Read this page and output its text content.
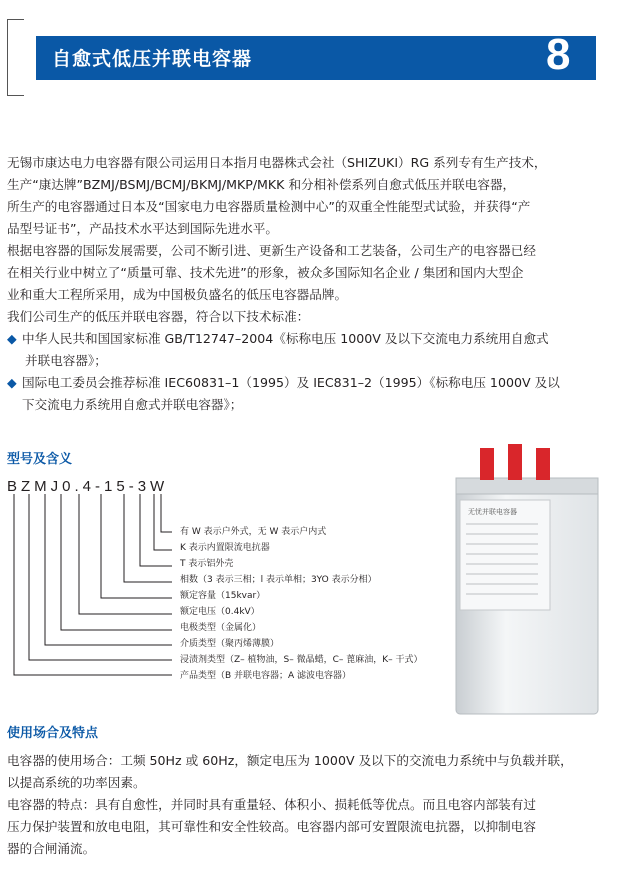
自愈式低压并联电容器	8

无锡市康达电力电容器有限公司运用日本指月电器株式会社（SHIZUKI）RG 系列专有生产技术，

生产“康达牌”BZMJ/BSMJ/BCMJ/BKMJ/MKP/MKK 和分相补偿系列自愈式低压并联电容器，

所生产的电容器通过日本及“国家电力电容器质量检测中心”的双重全性能型式试验，并获得“产

品型号证书”，产品技术水平达到国际先进水平。

根据电容器的国际发展需要，公司不断引进、更新生产设备和工艺装备，公司生产的电容器已经

在相关行业中树立了“质量可靠、技术先进”的形象，被众多国际知名企业 / 集团和国内大型企

业和重大工程所采用，成为中国极负盛名的低压电容器品牌。

我们公司生产的低压并联电容器，符合以下技术标准：

◆ 中华人民共和国国家标准 GB/T12747–2004《标称电压 1000V 及以下交流电力系统用自愈式
并联电容器》；
◆ 国际电工委员会推荐标准 IEC60831–1（1995）及 IEC831–2（1995）《标称电压 1000V 及以
下交流电力系统用自愈式并联电容器》；
型号及含义
BZMJ0.4-15-3W
有 W 表示户外式，无 W 表示户内式
K 表示内置限流电抗器
T 表示铝外壳
相数（3 表示三相；l 表示单相；3YO 表示分相）
额定容量（15kvar）
额定电压（0.4kV）
电极类型（金属化）
介质类型（聚丙烯薄膜）
浸渍剂类型（Z– 植物油，S– 微晶蜡，C– 蓖麻油，K– 干式）
产品类型（B 并联电容器；A 滤波电容器）
无忧并联电容器
使用场合及特点

电容器的使用场合：工频 50Hz 或 60Hz，额定电压为 1000V 及以下的交流电力系统中与负载并联，

以提高系统的功率因素。

电容器的特点：具有自愈性，并同时具有重量轻、体积小、损耗低等优点。而且电容内部装有过

压力保护装置和放电电阻，其可靠性和安全性较高。电容器内部可安置限流电抗器，以抑制电容

器的合闸涌流。
